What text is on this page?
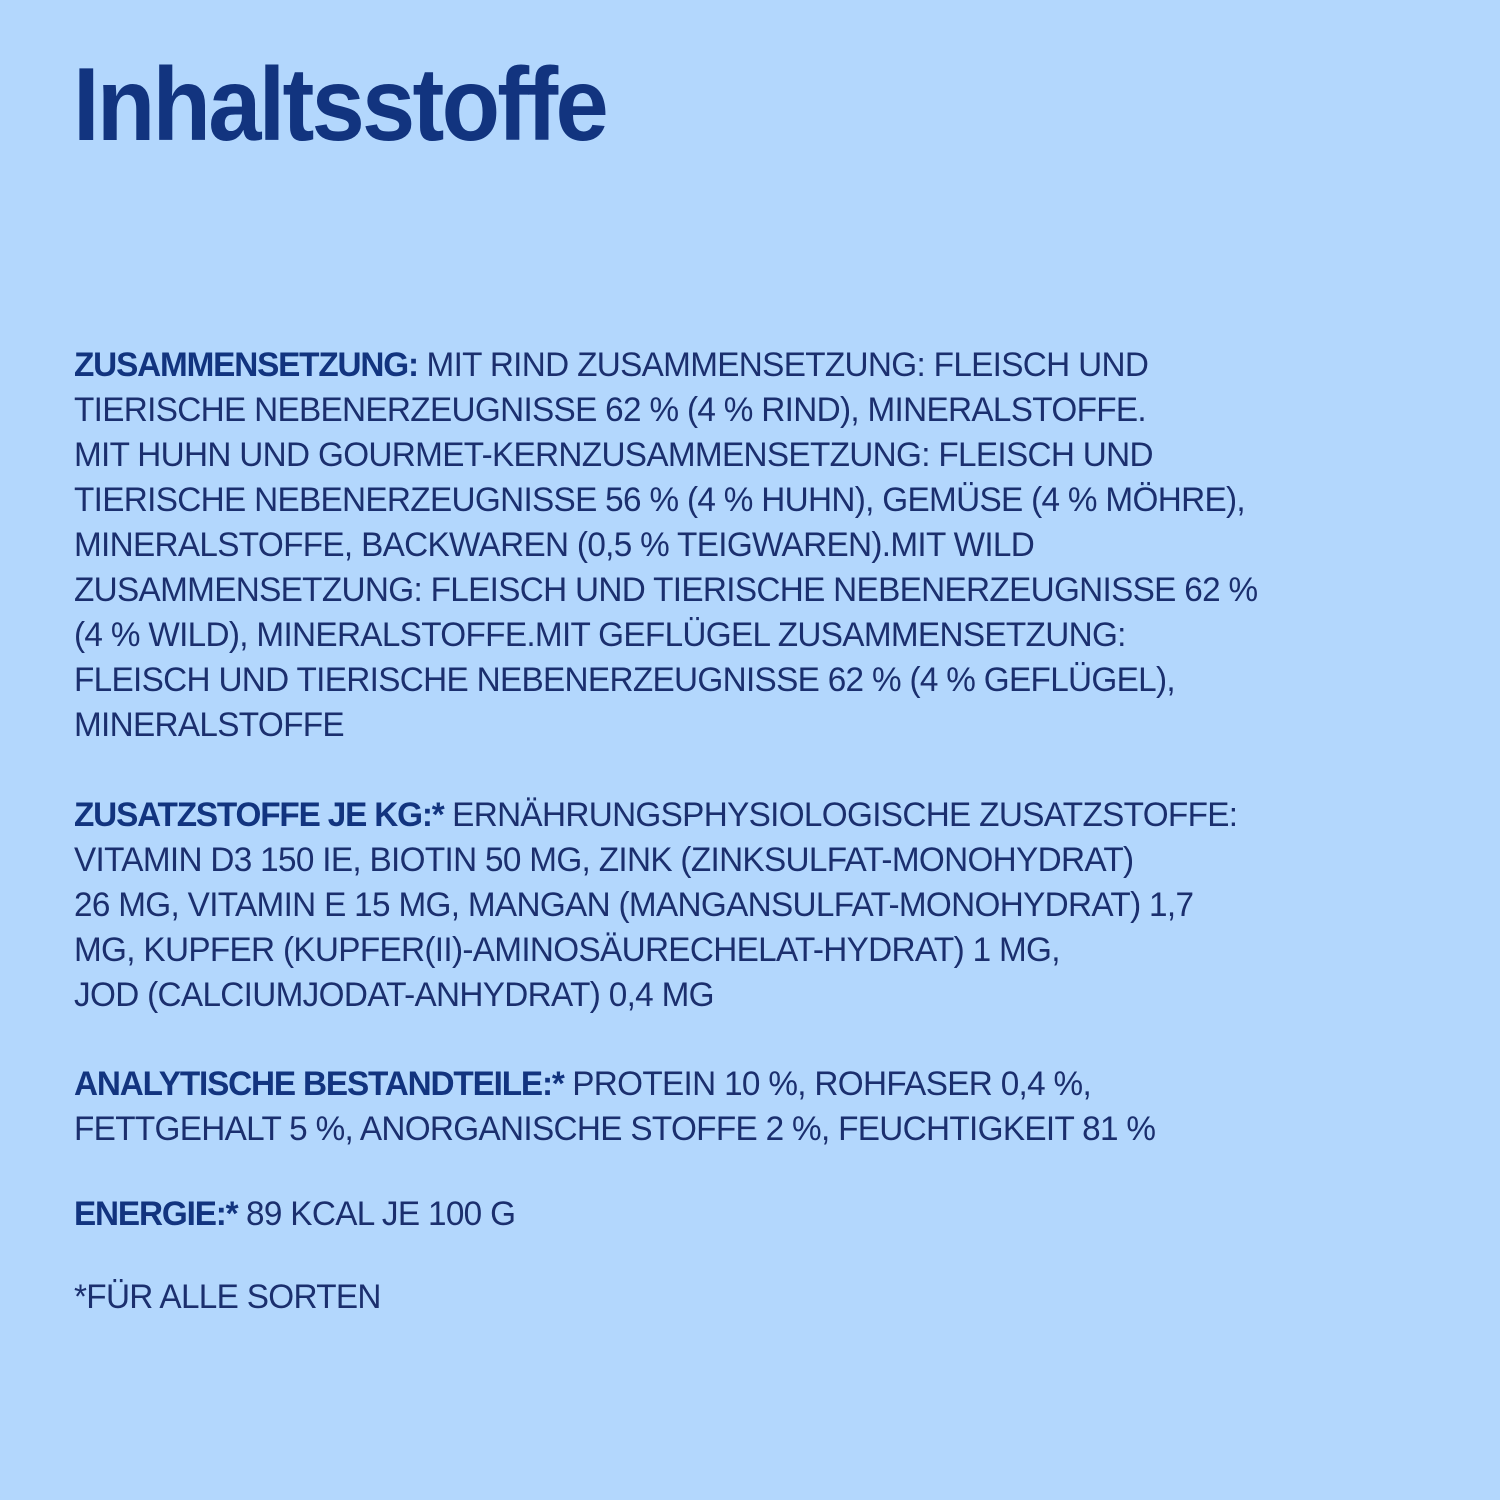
Inhaltsstoffe

ZUSAMMENSETZUNG: MIT RIND ZUSAMMENSETZUNG: FLEISCH UND
TIERISCHE NEBENERZEUGNISSE 62 % (4 % RIND), MINERALSTOFFE.
MIT HUHN UND GOURMET-KERNZUSAMMENSETZUNG: FLEISCH UND
TIERISCHE NEBENERZEUGNISSE 56 % (4 % HUHN), GEMÜSE (4 % MÖHRE),
MINERALSTOFFE, BACKWAREN (0,5 % TEIGWAREN).MIT WILD
ZUSAMMENSETZUNG: FLEISCH UND TIERISCHE NEBENERZEUGNISSE 62 %
(4 % WILD), MINERALSTOFFE.MIT GEFLÜGEL ZUSAMMENSETZUNG:
FLEISCH UND TIERISCHE NEBENERZEUGNISSE 62 % (4 % GEFLÜGEL),
MINERALSTOFFE

ZUSATZSTOFFE JE KG:* ERNÄHRUNGSPHYSIOLOGISCHE ZUSATZSTOFFE:
VITAMIN D3 150 IE, BIOTIN 50 MG, ZINK (ZINKSULFAT-MONOHYDRAT)
26 MG, VITAMIN E 15 MG, MANGAN (MANGANSULFAT-MONOHYDRAT) 1,7
MG, KUPFER (KUPFER(II)-AMINOSÄURECHELAT-HYDRAT) 1 MG,
JOD (CALCIUMJODAT-ANHYDRAT) 0,4 MG

ANALYTISCHE BESTANDTEILE:* PROTEIN 10 %, ROHFASER 0,4 %,
FETTGEHALT 5 %, ANORGANISCHE STOFFE 2 %, FEUCHTIGKEIT 81 %

ENERGIE:* 89 KCAL JE 100 G

*FÜR ALLE SORTEN
